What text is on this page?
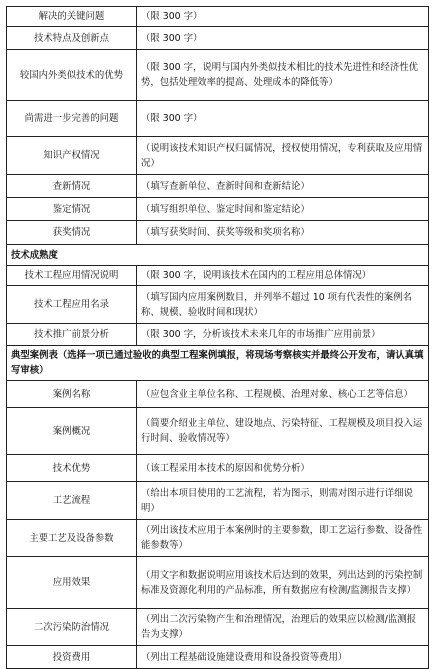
解决的关键问题	（限 300 字）
技术特点及创新点	（限 300 字）
较国内外类似技术的优势	（限 300 字，说明与国内外类似技术相比的技术先进性和经济性优势，包括处理效率的提高、处理成本的降低等）
尚需进一步完善的问题	（限 300 字）
知识产权情况	（说明该技术知识产权归属情况，授权使用情况，专利获取及应用情况）
查新情况	（填写查新单位、查新时间和查新结论）
鉴定情况	（填写组织单位、鉴定时间和鉴定结论）
获奖情况	（填写获奖时间、获奖等级和奖项名称）
技术成熟度	
技术工程应用情况说明	（限 300 字，说明该技术在国内的工程应用总体情况）
技术工程应用名录	（填写国内应用案例数目，并列举不超过 10 项有代表性的案例名称、规模、验收时间和现状）
技术推广前景分析	（限 300 字，分析该技术未来几年的市场推广应用前景）
典型案例表（选择一项已通过验收的典型工程案例填报，将现场考察核实并最终公开发布，请认真填写审核）	
案例名称	（应包含业主单位名称、工程规模、治理对象、核心工艺等信息）
案例概况	（简要介绍业主单位、建设地点、污染特征、工程规模及项目投入运行时间、验收情况等）
技术优势	（该工程采用本技术的原因和优势分析）
工艺流程	（给出本项目使用的工艺流程，若为图示，则需对图示进行详细说明）
主要工艺及设备参数	（列出该技术应用于本案例时的主要参数，即工艺运行参数、设备性能参数等）
应用效果	（用文字和数据说明应用该技术后达到的效果，列出达到的污染控制标准及资源化利用的产品标准，所有数据应有检测/监测报告支撑）
二次污染防治情况	（列出二次污染物产生和治理情况，治理后的效果应以检测/监测报告为支撑）
投资费用	（列出工程基础设施建设费用和设备投资等费用）
